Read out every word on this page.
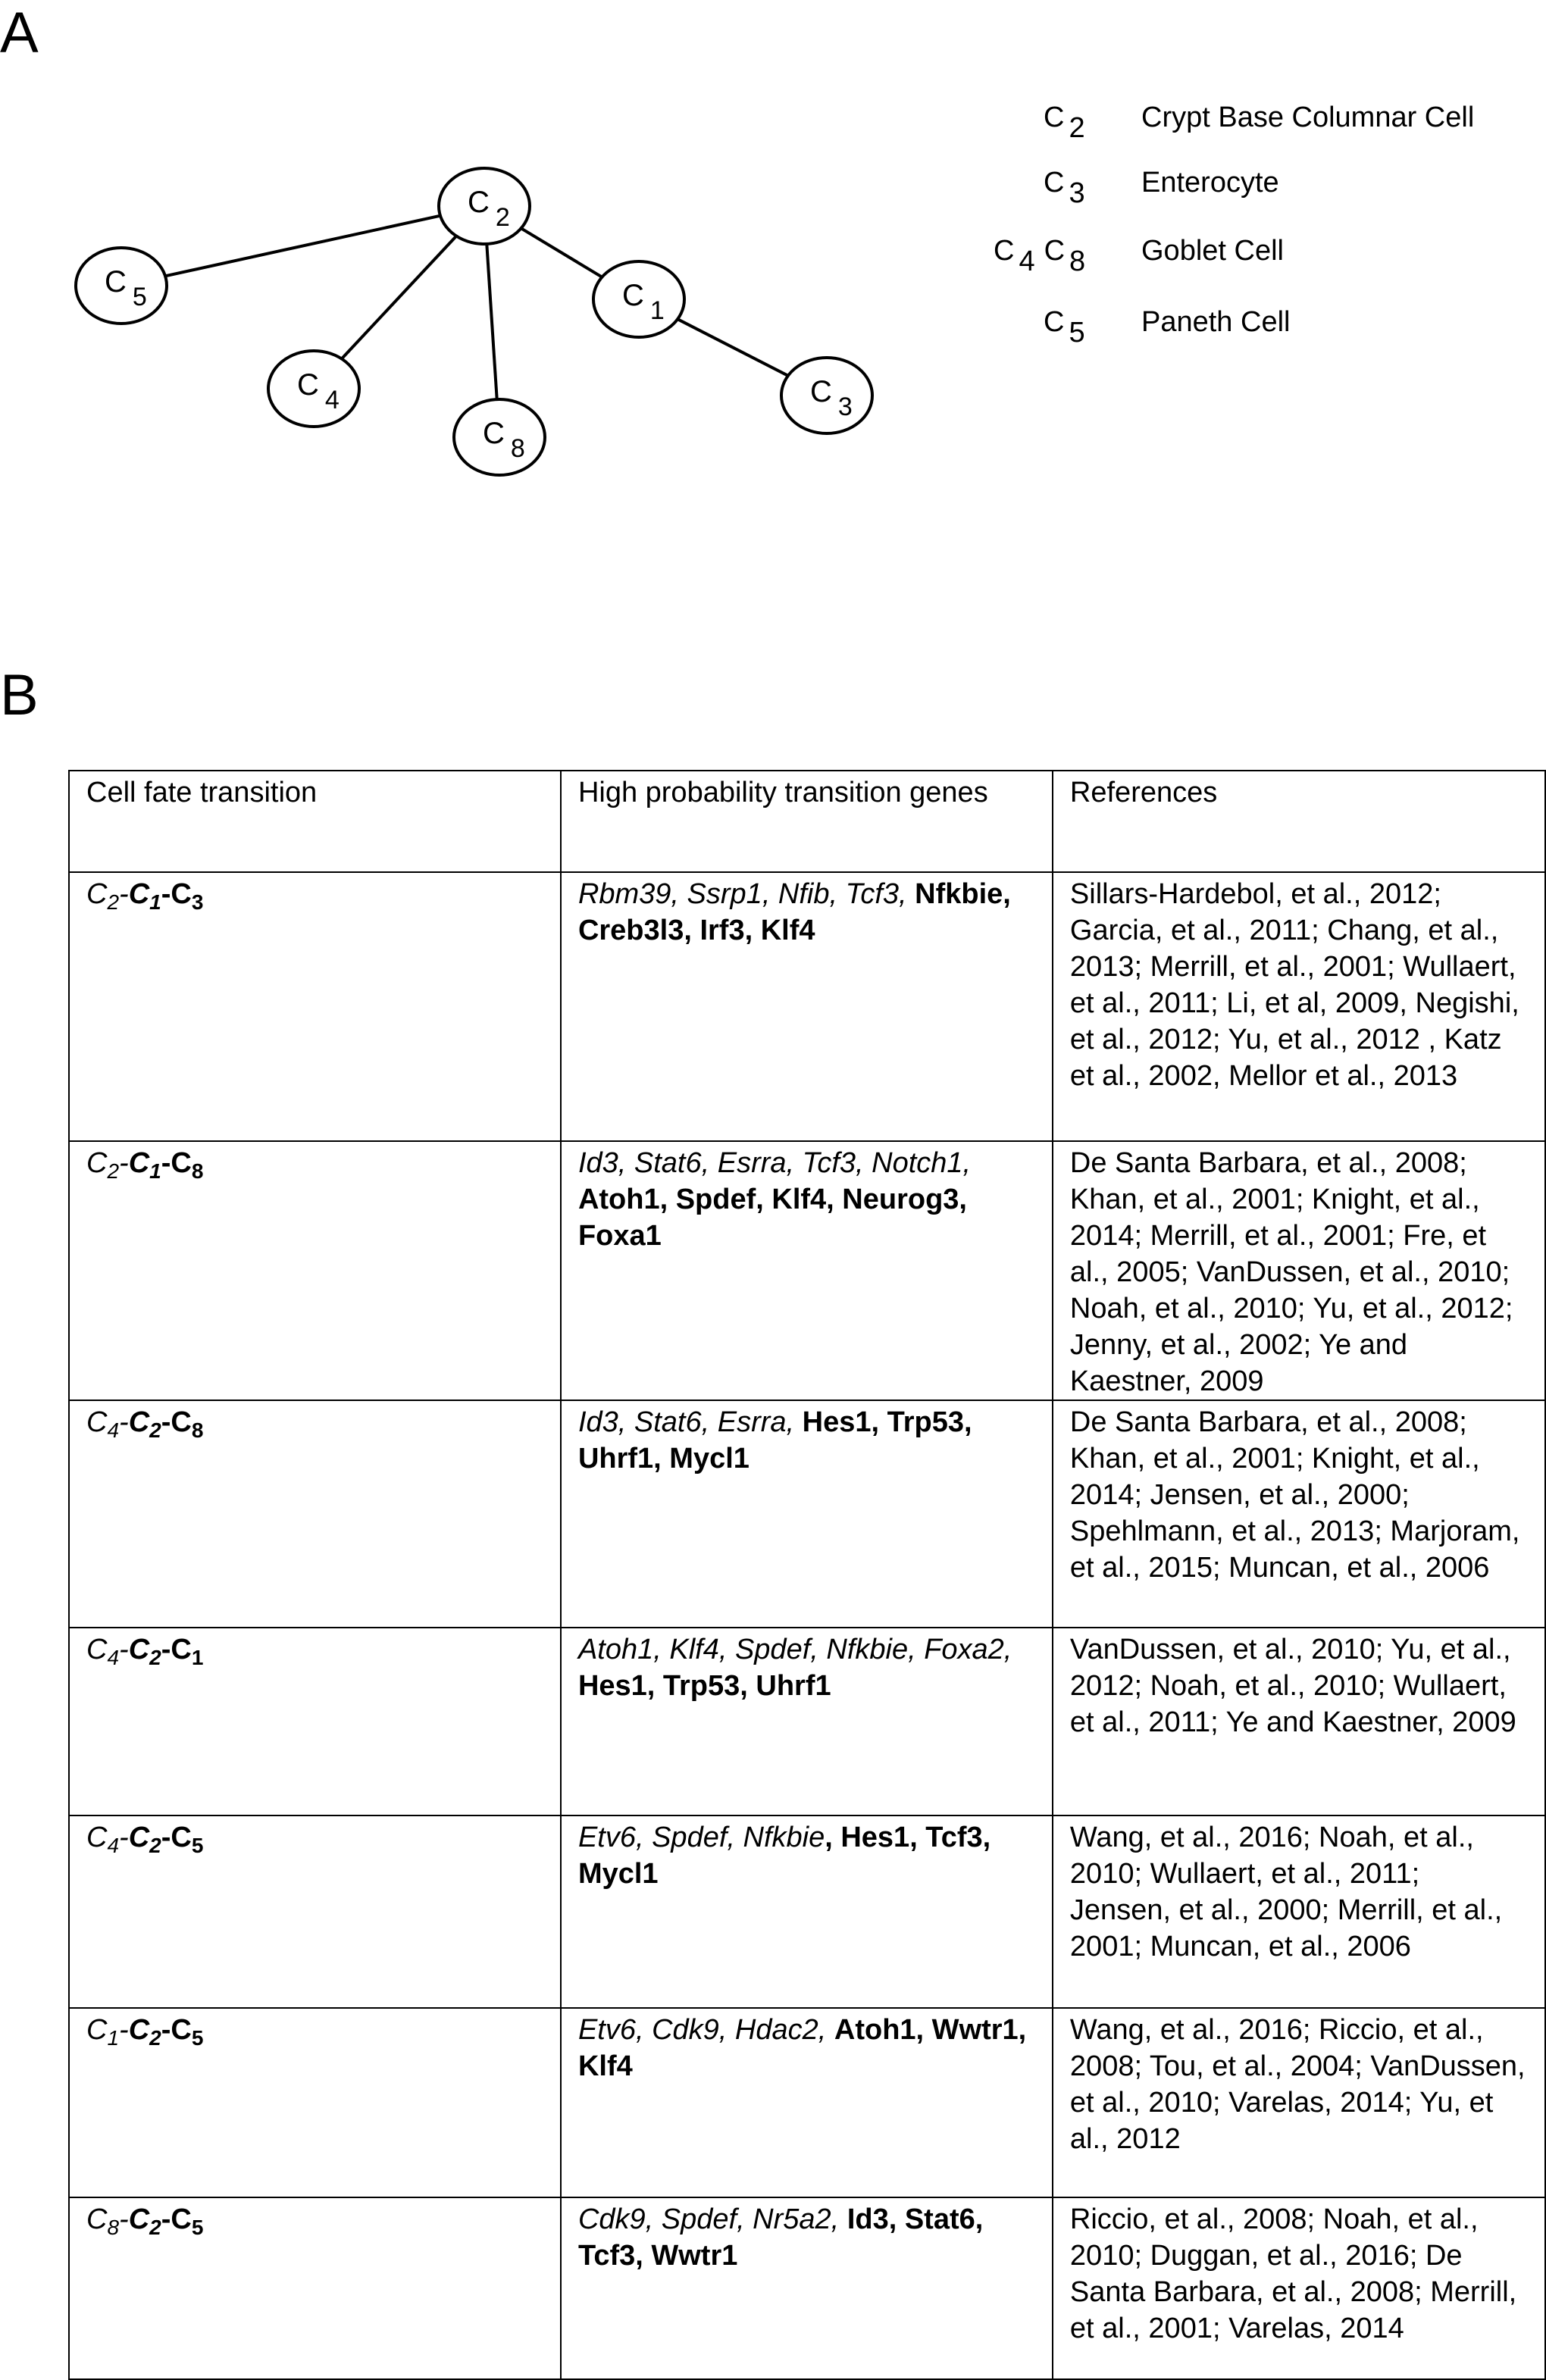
A
C $_2$
C $_5$
C $_4$
C $_8$
C $_1$
C $_3$
C $_2$ Crypt Base Columnar Cell
C $_3$ Enterocyte
C $_4$ C $_8$ Goblet Cell
C $_5$ Paneth Cell
B
Cell fate transition	High probability transition genes	References
$C_2-C_1-C_3$	Rbm39, Ssrp1, Nfib, Tcf3, Nfkbie, Creb3l3, Irf3, Klf4	Sillars-Hardebol, et al., 2012; Garcia, et al., 2011; Chang, et al., 2013; Merrill, et al., 2001; Wullaert, et al., 2011; Li, et al, 2009, Negishi, et al., 2012; Yu, et al., 2012 , Katz et al., 2002, Mellor et al., 2013
$C_2-C_1-C_8$	Id3, Stat6, Esrra, Tcf3, Notch1, Atoh1, Spdef, Klf4, Neurog3, Foxa1	De Santa Barbara, et al., 2008; Khan, et al., 2001; Knight, et al., 2014; Merrill, et al., 2001; Fre, et al., 2005; VanDussen, et al., 2010; Noah, et al., 2010; Yu, et al., 2012; Jenny, et al., 2002; Ye and Kaestner, 2009
$C_4-C_2-C_8$	Id3, Stat6, Esrra, Hes1, Trp53, Uhrf1, Mycl1	De Santa Barbara, et al., 2008; Khan, et al., 2001; Knight, et al., 2014; Jensen, et al., 2000; Spehlmann, et al., 2013; Marjoram, et al., 2015; Muncan, et al., 2006
$C_4-C_2-C_1$	Atoh1, Klf4, Spdef, Nfkbie, Foxa2, Hes1, Trp53, Uhrf1	VanDussen, et al., 2010; Yu, et al., 2012; Noah, et al., 2010; Wullaert, et al., 2011; Ye and Kaestner, 2009
$C_4-C_2-C_5$	Etv6, Spdef, Nfkbie, Hes1, Tcf3, Mycl1	Wang, et al., 2016; Noah, et al., 2010; Wullaert, et al., 2011; Jensen, et al., 2000; Merrill, et al., 2001; Muncan, et al., 2006
$C_1-C_2-C_5$	Etv6, Cdk9, Hdac2, Atoh1, Wwtr1, Klf4	Wang, et al., 2016; Riccio, et al., 2008; Tou, et al., 2004; VanDussen, et al., 2010; Varelas, 2014; Yu, et al., 2012
$C_8-C_2-C_5$	Cdk9, Spdef, Nr5a2, Id3, Stat6, Tcf3, Wwtr1	Riccio, et al., 2008; Noah, et al., 2010; Duggan, et al., 2016; De Santa Barbara, et al., 2008; Merrill, et al., 2001; Varelas, 2014
